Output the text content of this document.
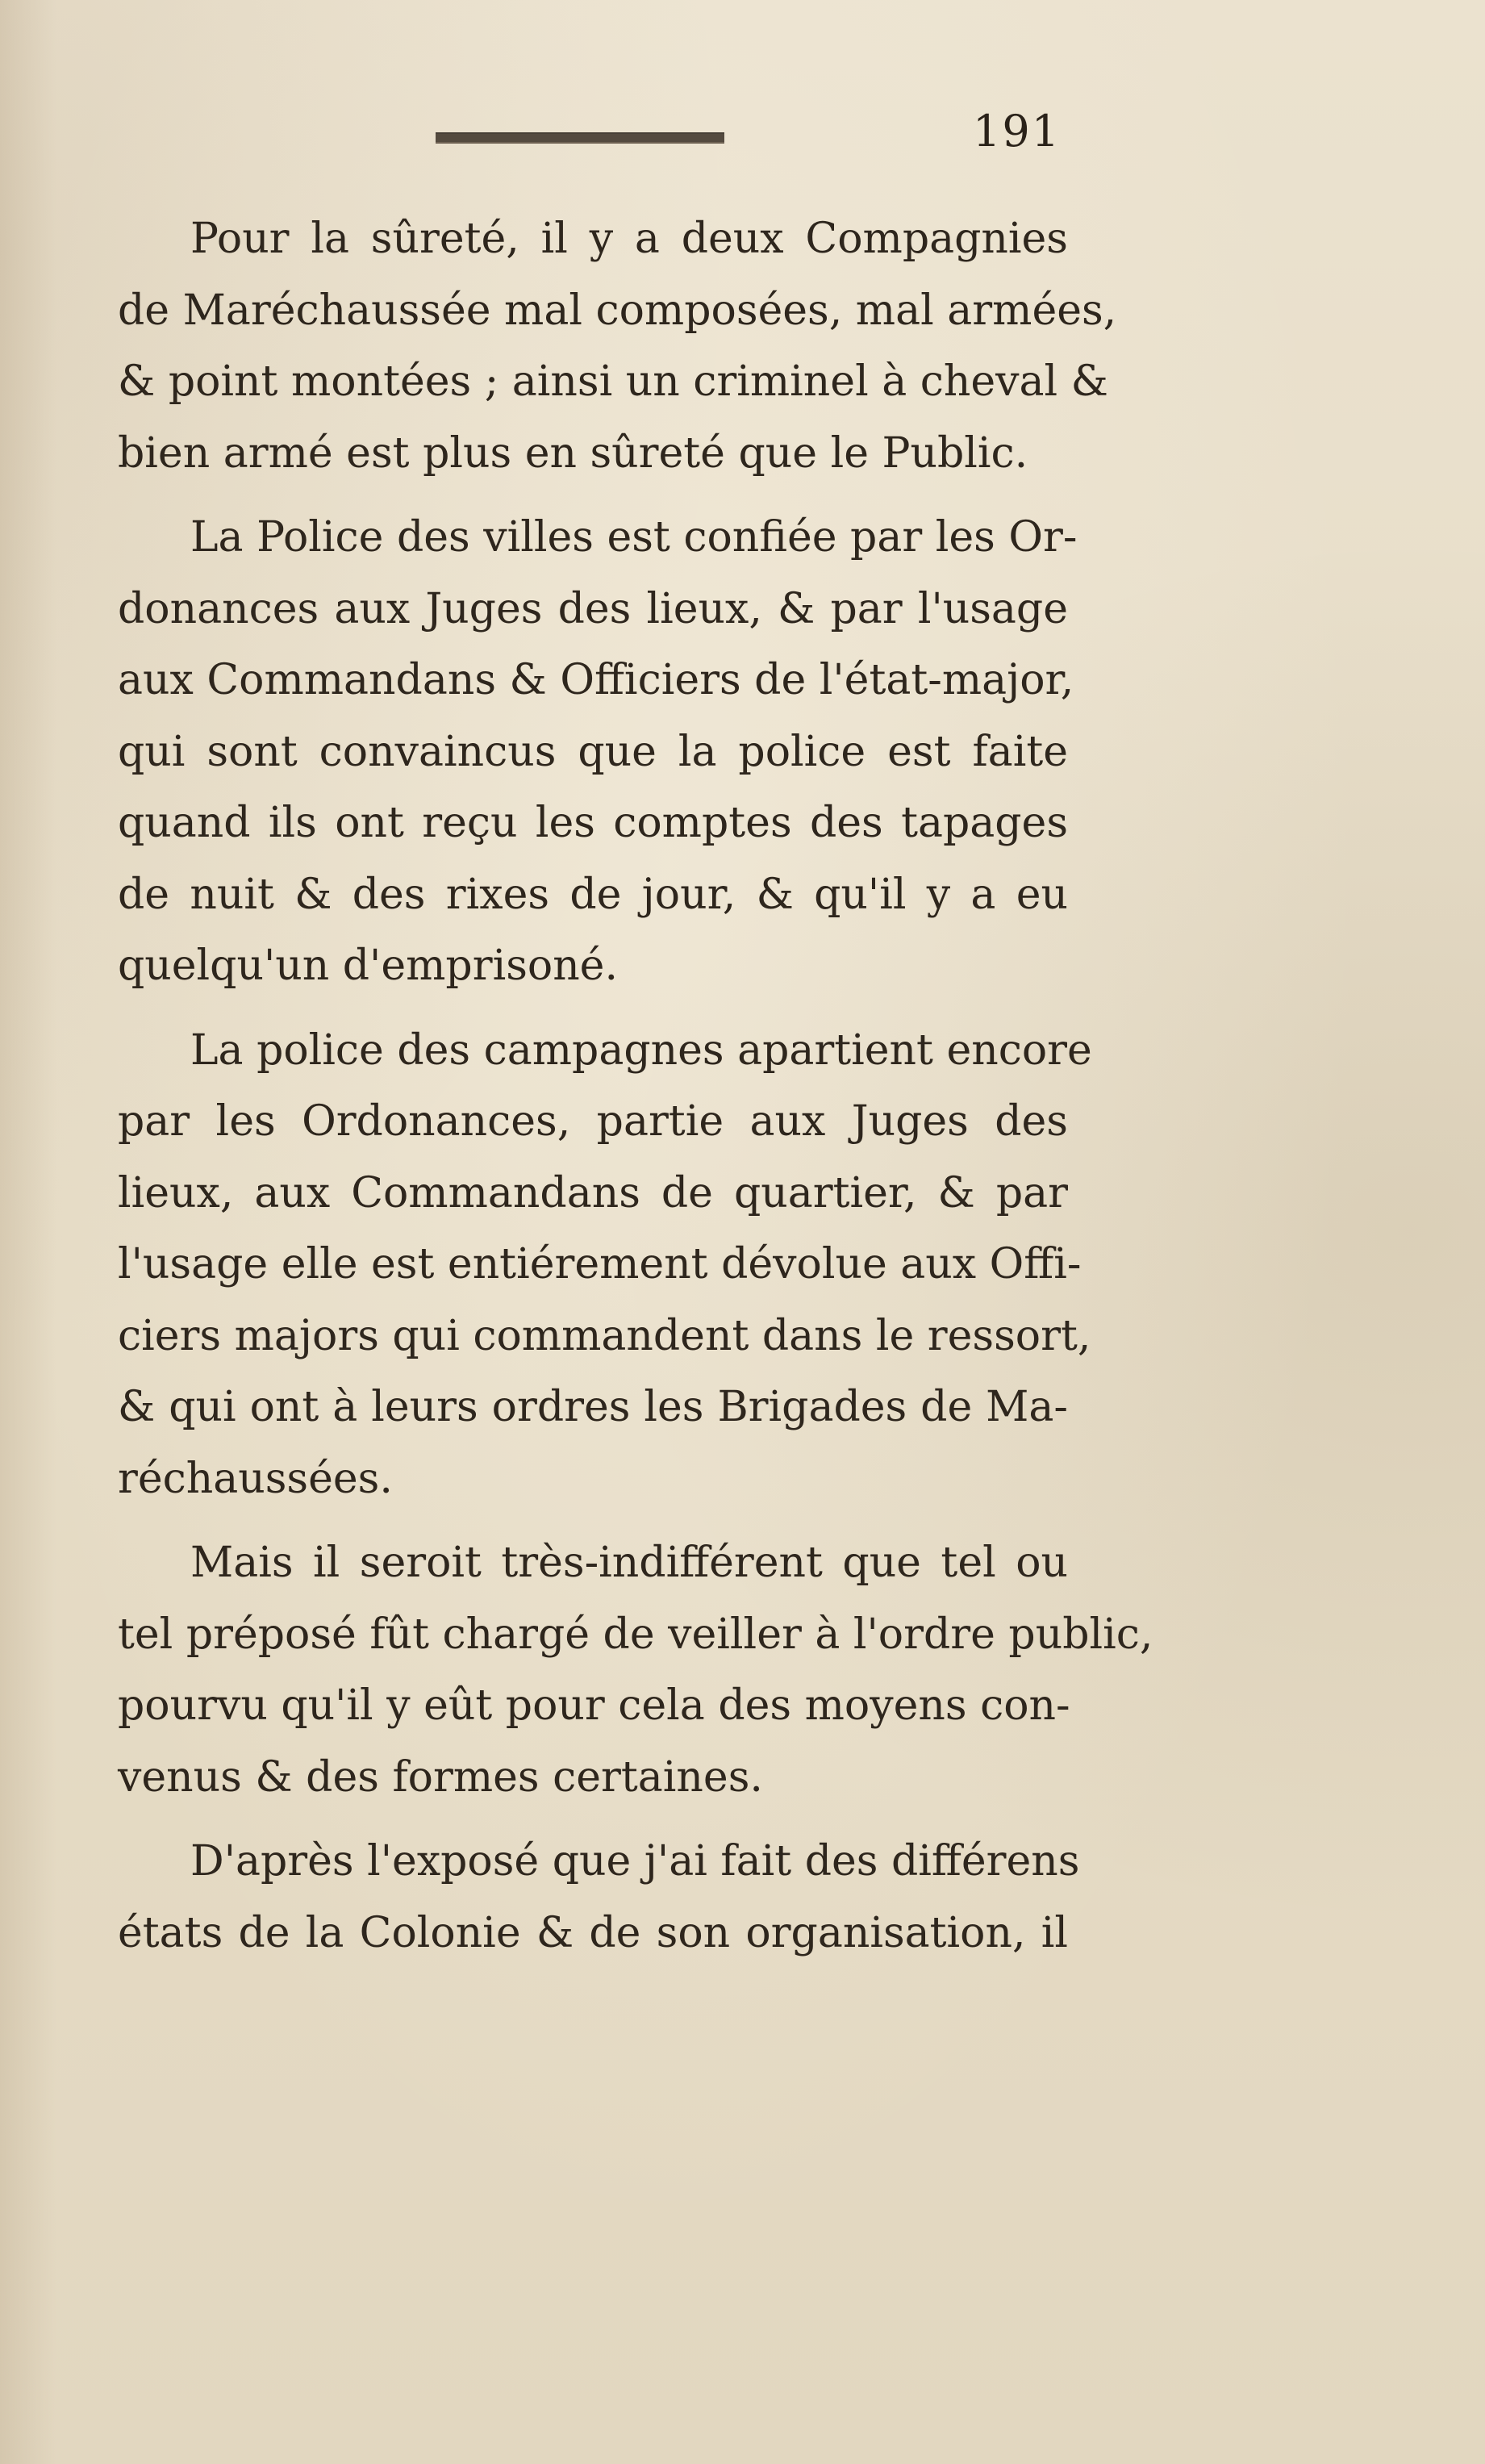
191

Pour la sûreté, il y a deux Compagnies
de Maréchaussée mal composées, mal armées,
& point montées ; ainsi un criminel à cheval &
bien armé est plus en sûreté que le Public.

La Police des villes est confiée par les Or-
donances aux Juges des lieux, & par l'usage
aux Commandans & Officiers de l'état-major,
qui sont convaincus que la police est faite
quand ils ont reçu les comptes des tapages
de nuit & des rixes de jour, & qu'il y a eu
quelqu'un d'emprisoné.

La police des campagnes apartient encore
par les Ordonances, partie aux Juges des
lieux, aux Commandans de quartier, & par
l'usage elle est entiérement dévolue aux Offi-
ciers majors qui commandent dans le ressort,
& qui ont à leurs ordres les Brigades de Ma-
réchaussées.

Mais il seroit très-indifférent que tel ou
tel préposé fût chargé de veiller à l'ordre public,
pourvu qu'il y eût pour cela des moyens con-
venus & des formes certaines.

D'après l'exposé que j'ai fait des différens
états de la Colonie & de son organisation, il
